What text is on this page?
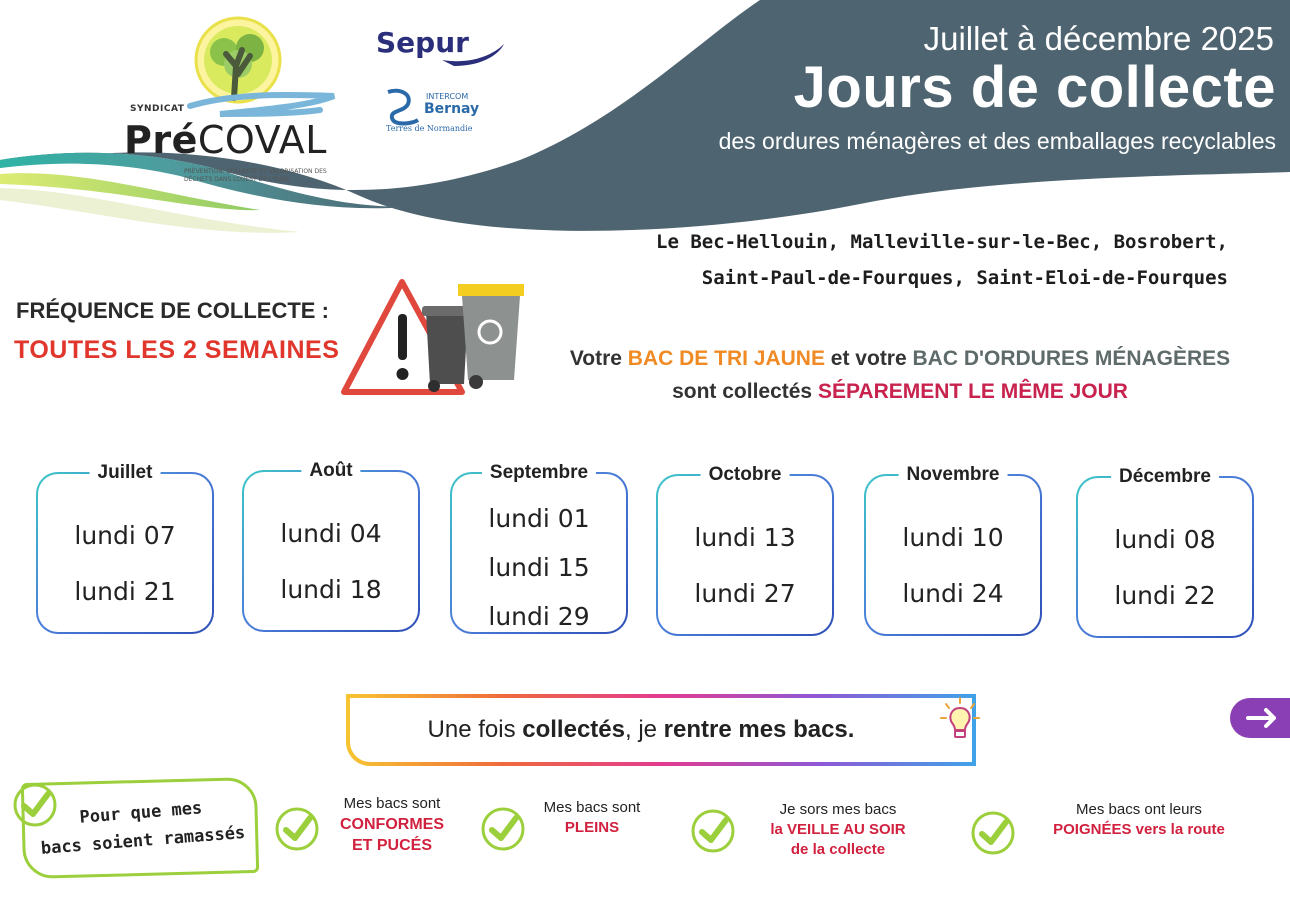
SYNDICAT
PréCOVAL
PRÉVENTION, COLLECTE ET VALORISATION DES DÉCHETS DANS LOUEST DE L'EURE
Sepur
INTERCOM
Bernay
Terres de Normandie
Juillet à décembre 2025
Jours de collecte
des ordures ménagères et des emballages recyclables
Le Bec-Hellouin, Malleville-sur-le-Bec, Bosrobert,
Saint-Paul-de-Fourques, Saint-Eloi-de-Fourques
FRÉQUENCE DE COLLECTE :
TOUTES LES 2 SEMAINES	Votre BAC DE TRI JAUNE et votre BAC D'ORDURES MÉNAGÈRES
sont collectés SÉPAREMENT LE MÊME JOUR
Juillet
lundi 07
lundi 21
Août
lundi 04
lundi 18
Septembre
lundi 01
lundi 15
lundi 29
Octobre
lundi 13
lundi 27
Novembre
lundi 10
lundi 24
Décembre
lundi 08
lundi 22
Une fois collectés, je rentre mes bacs.
Pour que mes
bacs soient ramassés
Mes bacs sont
CONFORMES
ET PUCÉS
Mes bacs sont
PLEINS
Je sors mes bacs
la VEILLE AU SOIR
de la collecte
Mes bacs ont leurs
POIGNÉES vers la route
